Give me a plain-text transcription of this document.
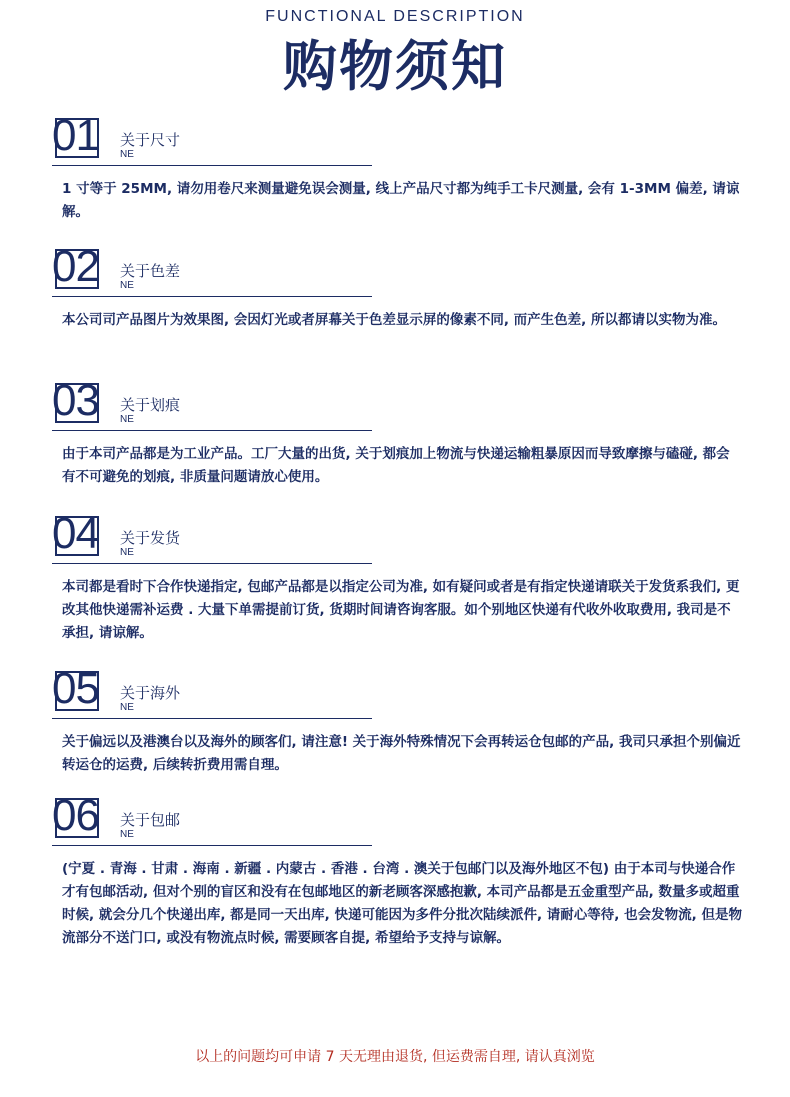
FUNCTIONAL DESCRIPTION
购物须知
01 关于尺寸
NE
1 寸等于 25MM, 请勿用卷尺来测量避免误会测量, 线上产品尺寸都为纯手工卡尺测量, 会有 1-3MM 偏差, 请谅解。
02 关于色差
NE
本公司司产品图片为效果图, 会因灯光或者屏幕关于色差显示屏的像素不同, 而产生色差, 所以都请以实物为准。
03 关于划痕
NE
由于本司产品都是为工业产品。工厂大量的出货, 关于划痕加上物流与快递运输粗暴原因而导致摩擦与磕碰, 都会有不可避免的划痕, 非质量问题请放心使用。
04 关于发货
NE
本司都是看时下合作快递指定, 包邮产品都是以指定公司为准, 如有疑问或者是有指定快递请联关于发货系我们, 更改其他快递需补运费 . 大量下单需提前订货, 货期时间请咨询客服。如个别地区快递有代收外收取费用, 我司是不承担, 请谅解。
05 关于海外
NE
关于偏远以及港澳台以及海外的顾客们, 请注意! 关于海外特殊情况下会再转运仓包邮的产品, 我司只承担个别偏近转运仓的运费, 后续转折费用需自理。
06 关于包邮
NE
(宁夏 . 青海 . 甘肃 . 海南 . 新疆 . 内蒙古 . 香港 . 台湾 . 澳关于包邮门以及海外地区不包) 由于本司与快递合作才有包邮活动, 但对个别的盲区和没有在包邮地区的新老顾客深感抱歉, 本司产品都是五金重型产品, 数量多或超重时候, 就会分几个快递出库, 都是同一天出库, 快递可能因为多件分批次陆续派件, 请耐心等待, 也会发物流, 但是物流部分不送门口, 或没有物流点时候, 需要顾客自提, 希望给予支持与谅解。
以上的问题均可申请 7 天无理由退货, 但运费需自理, 请认真浏览
